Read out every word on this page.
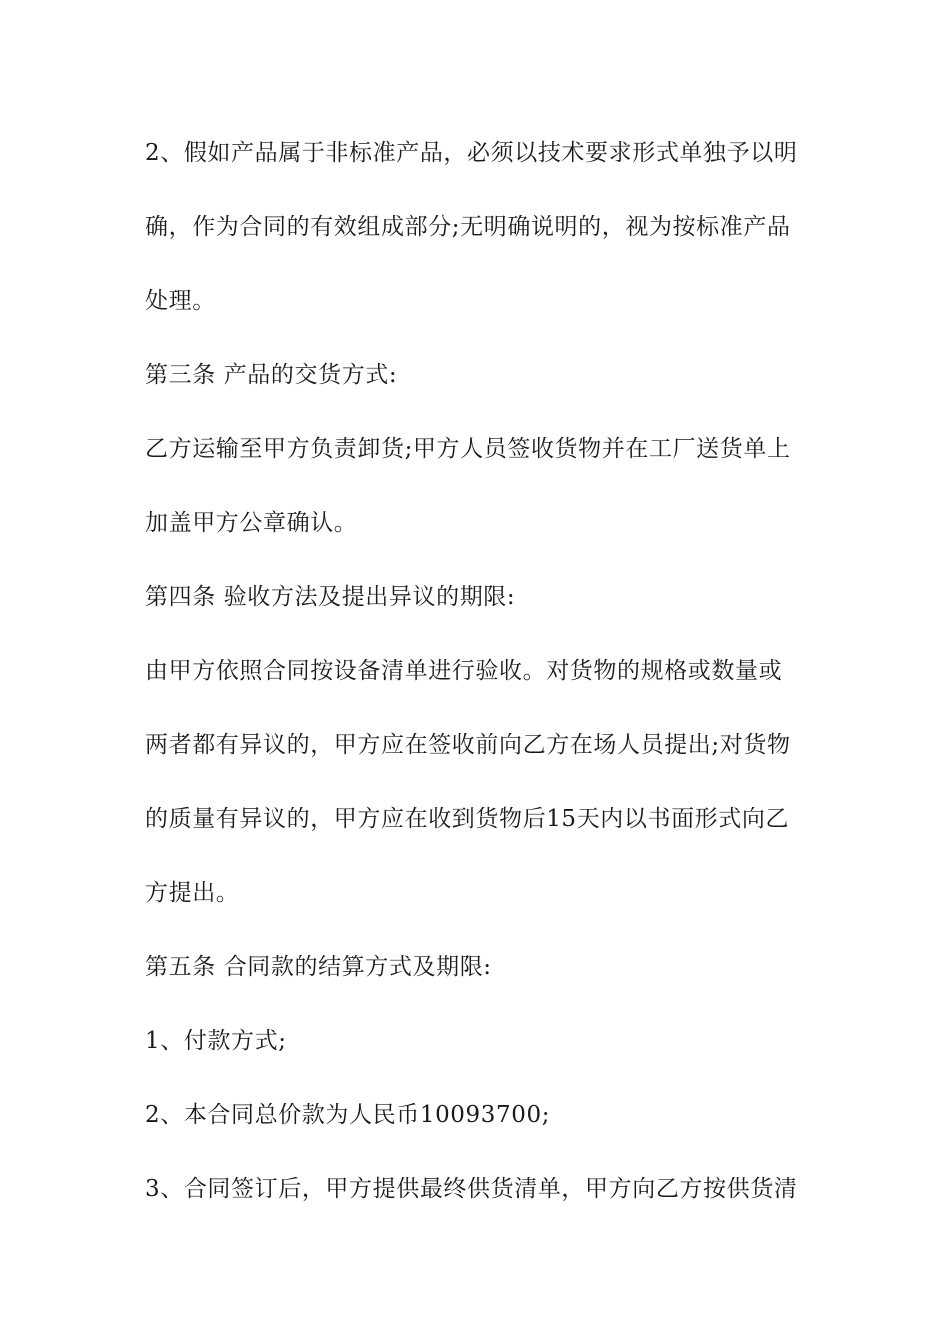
2、假如产品属于非标准产品，必须以技术要求形式单独予以明
确，作为合同的有效组成部分;无明确说明的，视为按标准产品
处理。
第三条 产品的交货方式:
乙方运输至甲方负责卸货;甲方人员签收货物并在工厂送货单上
加盖甲方公章确认。
第四条 验收方法及提出异议的期限:
由甲方依照合同按设备清单进行验收。对货物的规格或数量或
两者都有异议的，甲方应在签收前向乙方在场人员提出;对货物
的质量有异议的，甲方应在收到货物后15天内以书面形式向乙
方提出。
第五条 合同款的结算方式及期限:
1、付款方式;
2、本合同总价款为人民币10093700;
3、合同签订后，甲方提供最终供货清单，甲方向乙方按供货清
